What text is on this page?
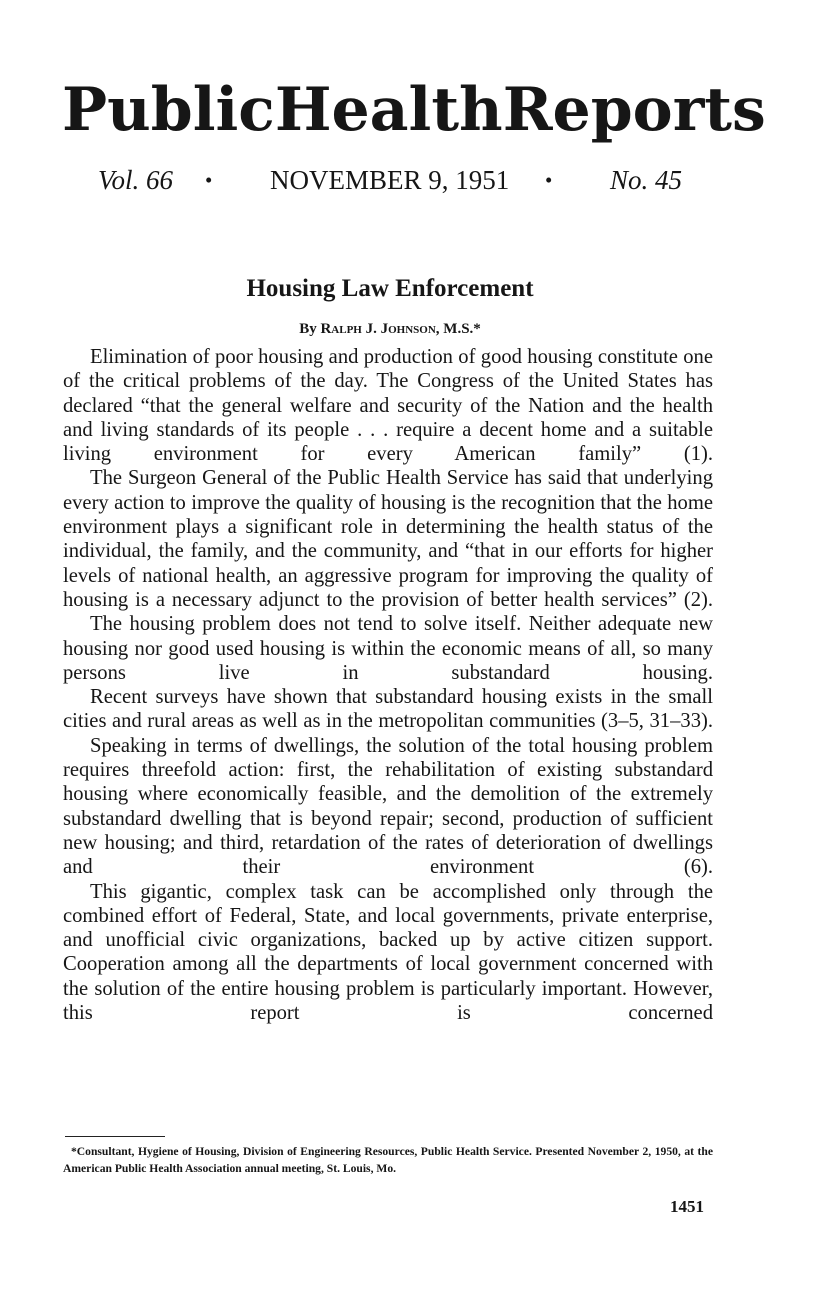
Public Health Reports
Vol. 66 • NOVEMBER 9, 1951 • No. 45
Housing Law Enforcement
By Ralph J. Johnson, M.S.*

Elimination of poor housing and production of good housing constitute one of the critical problems of the day. The Congress of the United States has declared “that the general welfare and security of the Nation and the health and living standards of its people . . . require a decent home and a suitable living environment for every American family” (1).

The Surgeon General of the Public Health Service has said that underlying every action to improve the quality of housing is the recognition that the home environment plays a significant role in determining the health status of the individual, the family, and the community, and “that in our efforts for higher levels of national health, an aggressive program for improving the quality of housing is a necessary adjunct to the provision of better health services” (2).

The housing problem does not tend to solve itself. Neither adequate new housing nor good used housing is within the economic means of all, so many persons live in substandard housing.

Recent surveys have shown that substandard housing exists in the small cities and rural areas as well as in the metropolitan communities (3–5, 31–33).

Speaking in terms of dwellings, the solution of the total housing problem requires threefold action: first, the rehabilitation of existing substandard housing where economically feasible, and the demolition of the extremely substandard dwelling that is beyond repair; second, production of sufficient new housing; and third, retardation of the rates of deterioration of dwellings and their environment (6).

This gigantic, complex task can be accomplished only through the combined effort of Federal, State, and local governments, private enterprise, and unofficial civic organizations, backed up by active citizen support. Cooperation among all the departments of local government concerned with the solution of the entire housing problem is particularly important. However, this report is concerned

*Consultant, Hygiene of Housing, Division of Engineering Resources, Public Health Service. Presented November 2, 1950, at the American Public Health Association annual meeting, St. Louis, Mo.

1451
